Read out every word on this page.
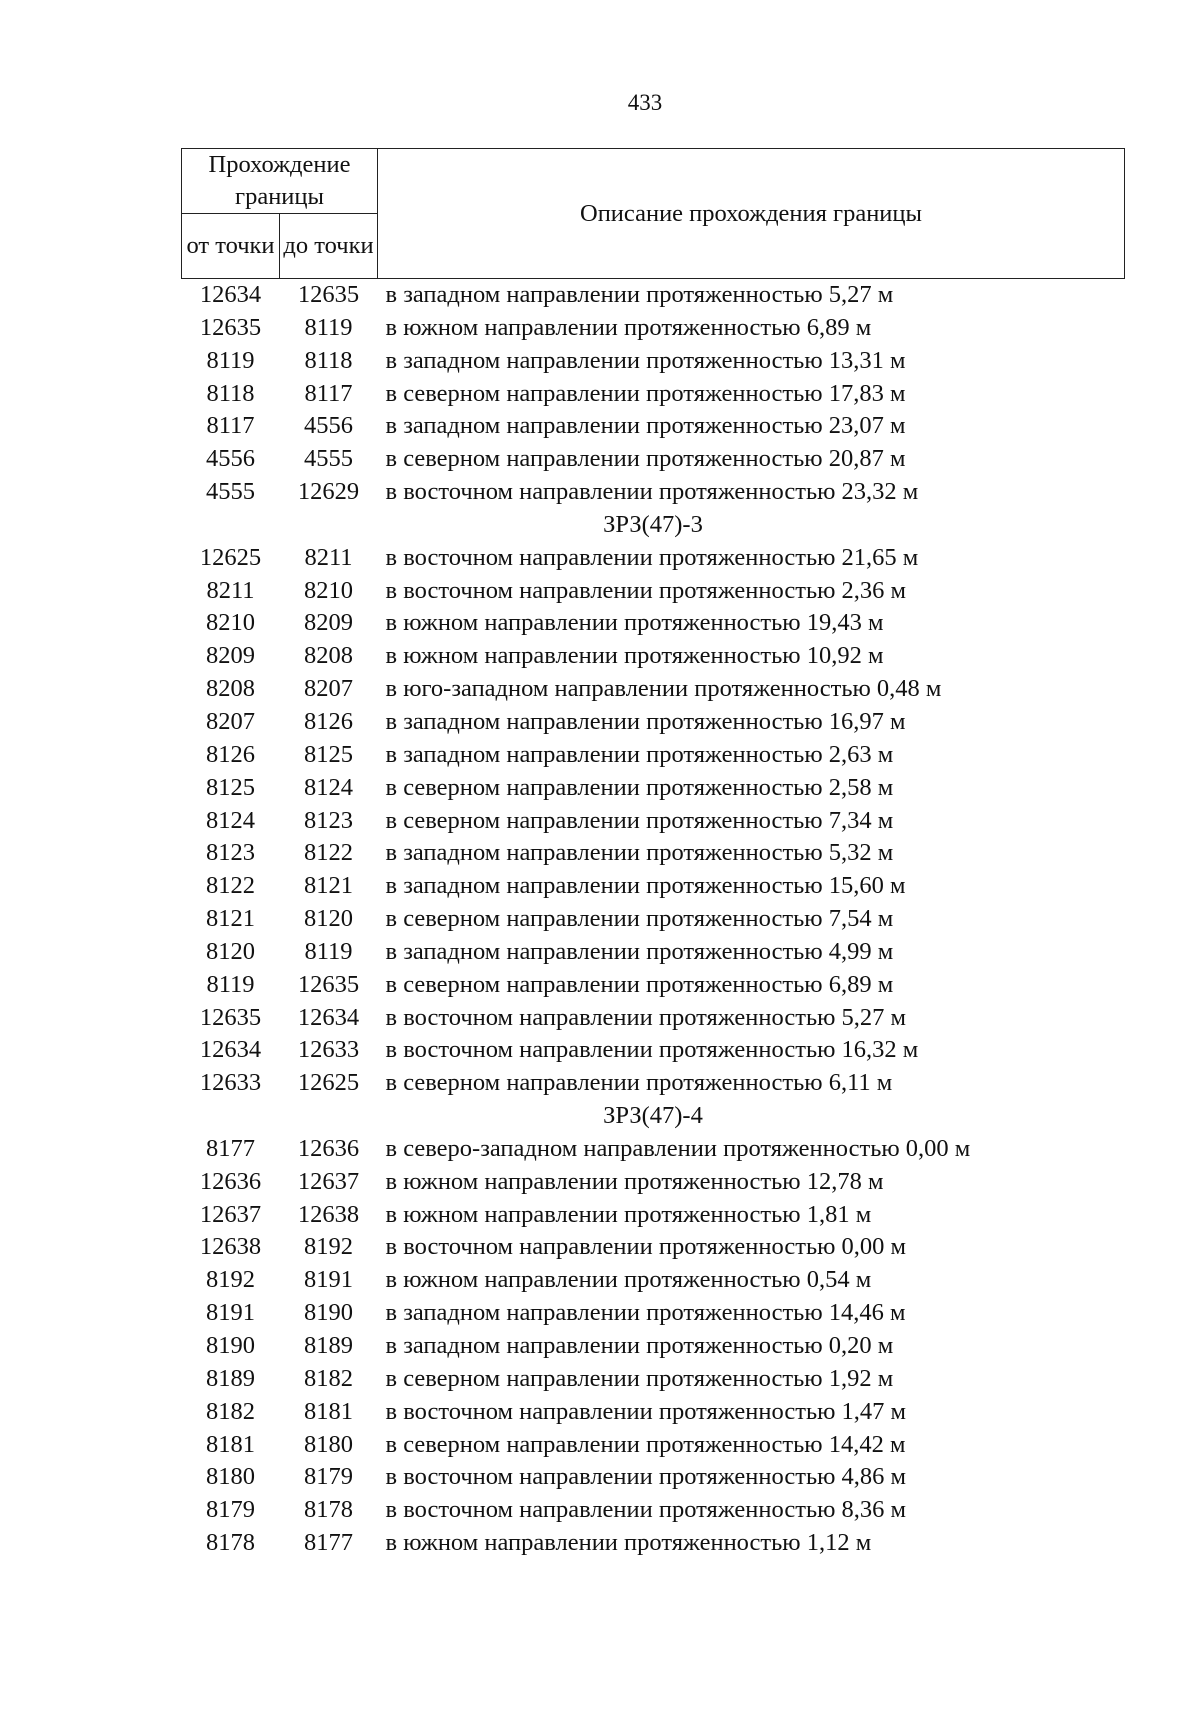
433
Прохождение границы		Описание прохождения границы
от точки	до точки	
12634	12635	в западном направлении протяженностью 5,27 м
12635	8119	в южном направлении протяженностью 6,89 м
8119	8118	в западном направлении протяженностью 13,31 м
8118	8117	в северном направлении протяженностью 17,83 м
8117	4556	в западном направлении протяженностью 23,07 м
4556	4555	в северном направлении протяженностью 20,87 м
4555	12629	в восточном направлении протяженностью 23,32 м
ЗРЗ(47)-3		
12625	8211	в восточном направлении протяженностью 21,65 м
8211	8210	в восточном направлении протяженностью 2,36 м
8210	8209	в южном направлении протяженностью 19,43 м
8209	8208	в южном направлении протяженностью 10,92 м
8208	8207	в юго-западном направлении протяженностью 0,48 м
8207	8126	в западном направлении протяженностью 16,97 м
8126	8125	в западном направлении протяженностью 2,63 м
8125	8124	в северном направлении протяженностью 2,58 м
8124	8123	в северном направлении протяженностью 7,34 м
8123	8122	в западном направлении протяженностью 5,32 м
8122	8121	в западном направлении протяженностью 15,60 м
8121	8120	в северном направлении протяженностью 7,54 м
8120	8119	в западном направлении протяженностью 4,99 м
8119	12635	в северном направлении протяженностью 6,89 м
12635	12634	в восточном направлении протяженностью 5,27 м
12634	12633	в восточном направлении протяженностью 16,32 м
12633	12625	в северном направлении протяженностью 6,11 м
ЗРЗ(47)-4		
8177	12636	в северо-западном направлении протяженностью 0,00 м
12636	12637	в южном направлении протяженностью 12,78 м
12637	12638	в южном направлении протяженностью 1,81 м
12638	8192	в восточном направлении протяженностью 0,00 м
8192	8191	в южном направлении протяженностью 0,54 м
8191	8190	в западном направлении протяженностью 14,46 м
8190	8189	в западном направлении протяженностью 0,20 м
8189	8182	в северном направлении протяженностью 1,92 м
8182	8181	в восточном направлении протяженностью 1,47 м
8181	8180	в северном направлении протяженностью 14,42 м
8180	8179	в восточном направлении протяженностью 4,86 м
8179	8178	в восточном направлении протяженностью 8,36 м
8178	8177	в южном направлении протяженностью 1,12 м
